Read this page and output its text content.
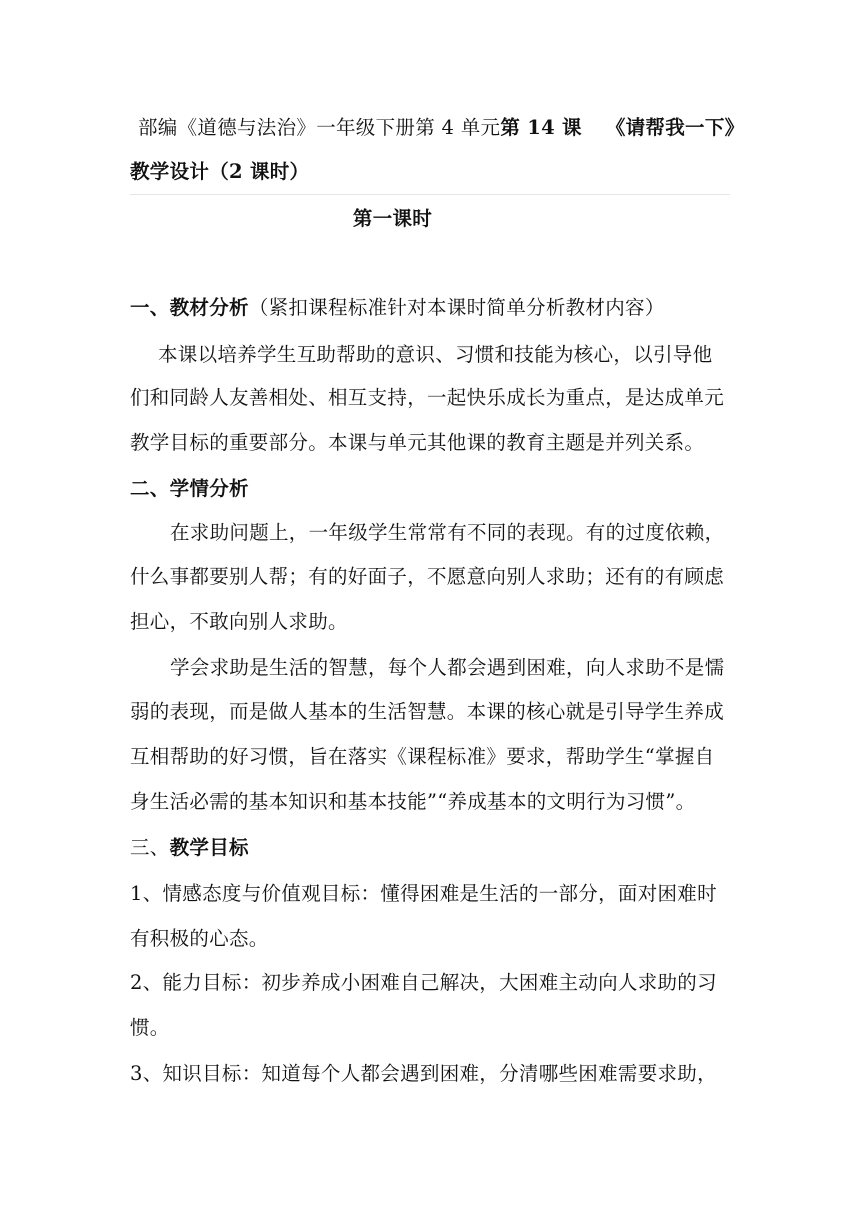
部编《道德与法治》一年级下册第 4 单元第 14 课 《请帮我一下》
教学设计（2 课时）
第一课时
一、教材分析（紧扣课程标准针对本课时简单分析教材内容）
本课以培养学生互助帮助的意识、习惯和技能为核心，以引导他
们和同龄人友善相处、相互支持，一起快乐成长为重点，是达成单元
教学目标的重要部分。本课与单元其他课的教育主题是并列关系。
二、学情分析
在求助问题上，一年级学生常常有不同的表现。有的过度依赖，
什么事都要别人帮；有的好面子，不愿意向别人求助；还有的有顾虑
担心，不敢向别人求助。
学会求助是生活的智慧，每个人都会遇到困难，向人求助不是懦
弱的表现，而是做人基本的生活智慧。本课的核心就是引导学生养成
互相帮助的好习惯，旨在落实《课程标准》要求，帮助学生“掌握自
身生活必需的基本知识和基本技能”“养成基本的文明行为习惯”。
三、教学目标
1、情感态度与价值观目标：懂得困难是生活的一部分，面对困难时
有积极的心态。
2、能力目标：初步养成小困难自己解决，大困难主动向人求助的习
惯。
3、知识目标：知道每个人都会遇到困难，分清哪些困难需要求助，
